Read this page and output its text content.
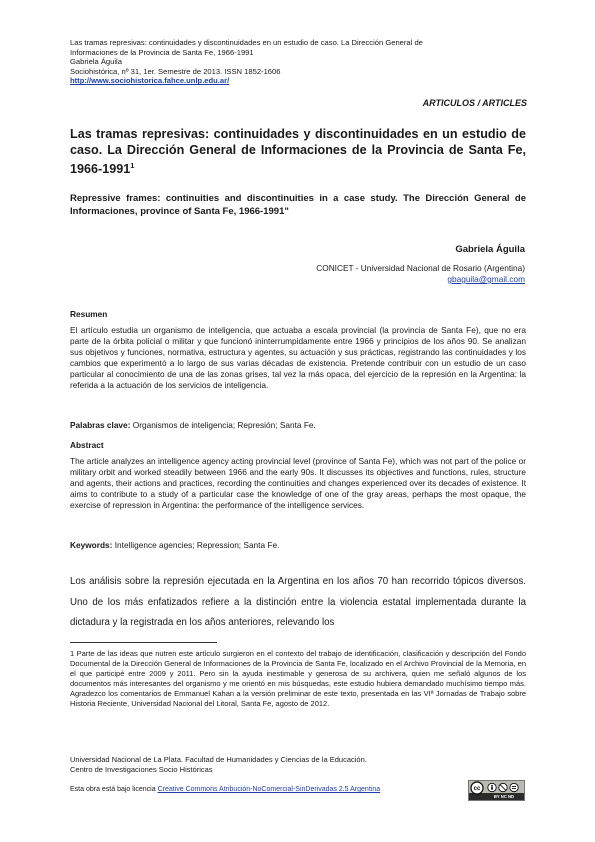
Las tramas represivas: continuidades y discontinuidades en un estudio de caso. La Dirección General de
Informaciones de la Provincia de Santa Fe, 1966-1991
Gabriela Águila
Sociohistórica, nº 31, 1er. Semestre de 2013. ISSN 1852-1606
http://www.sociohistorica.fahce.unlp.edu.ar/
ARTICULOS / ARTICLES
Las tramas represivas: continuidades y discontinuidades en un estudio de caso. La Dirección General de Informaciones de la Provincia de Santa Fe, 1966-1991$^1$
Repressive frames: continuities and discontinuities in a case study. The Dirección General de Informaciones, province of Santa Fe, 1966-1991"
Gabriela Águila
CONICET - Universidad Nacional de Rosario (Argentina)
gbaguila@gmail.com
Resumen
El artículo estudia un organismo de inteligencia, que actuaba a escala provincial (la provincia de Santa Fe), que no era parte de la órbita policial o militar y que funcionó ininterrumpidamente entre 1966 y principios de los años 90. Se analizan sus objetivos y funciones, normativa, estructura y agentes, su actuación y sus prácticas, registrando las continuidades y los cambios que experimentó a lo largo de sus varias décadas de existencia. Pretende contribuir con un estudio de un caso particular al conocimiento de una de las zonas grises, tal vez la más opaca, del ejercicio de la represión en la Argentina: la referida a la actuación de los servicios de inteligencia.
Palabras clave: Organismos de inteligencia; Represión; Santa Fe.
Abstract
The article analyzes an intelligence agency acting provincial level (province of Santa Fe), which was not part of the police or military orbit and worked steadily between 1966 and the early 90s. It discusses its objectives and functions, rules, structure and agents, their actions and practices, recording the continuities and changes experienced over its decades of existence. It aims to contribute to a study of a particular case the knowledge of one of the gray areas, perhaps the most opaque, the exercise of repression in Argentina: the performance of the intelligence services.
Keywords: Intelligence agencies; Repression; Santa Fe.
Los análisis sobre la represión ejecutada en la Argentina en los años 70 han recorrido tópicos diversos. Uno de los más enfatizados refiere a la distinción entre la violencia estatal implementada durante la dictadura y la registrada en los años anteriores, relevando los
1 Parte de las ideas que nutren este artículo surgieron en el contexto del trabajo de identificación, clasificación y descripción del Fondo Documental de la Dirección General de Informaciones de la Provincia de Santa Fe, localizado en el Archivo Provincial de la Memoria, en el que participé entre 2009 y 2011. Pero sin la ayuda inestimable y generosa de su archivera, quien me señaló algunos de los documentos más interesantes del organismo y me orientó en mis búsquedas, este estudio hubiera demandado muchísimo tiempo más. Agradezco los comentarios de Emmanuel Kahan a la versión preliminar de este texto, presentada en las VIª Jornadas de Trabajo sobre Historia Reciente, Universidad Nacional del Litoral, Santa Fe, agosto de 2012.
Universidad Nacional de La Plata. Facultad de Humanidades y Ciencias de la Educación.
Centro de Investigaciones Socio Históricas
Esta obra está bajo licencia Creative Commons Atribución-NoComercial-SinDerivadas 2.5 Argentina	cc
BY NC ND
